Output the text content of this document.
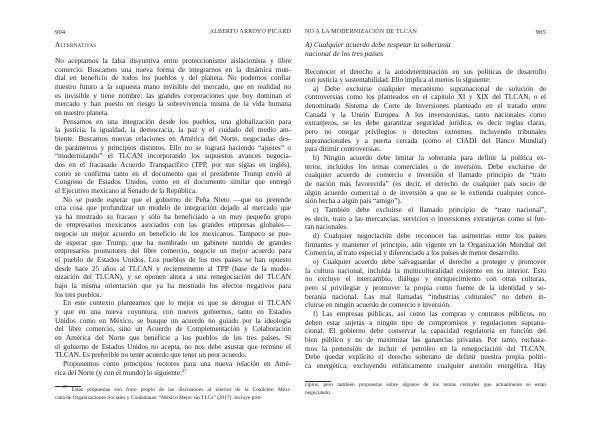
904	ALBERTO ARROYO PICARD
Alternativas
No aceptamos la falsa disyuntiva entre proteccionismo aislacionista y libre
comercio. Buscamos una nueva forma de integrarnos en la dinámica mun-
dial en beneficio de todos los pueblos y del planeta. No podemos confiar
nuestro futuro a la supuesta mano invisible del mercado, que en realidad no
es invisible y tiene nombre: las grandes corporaciones que hoy dominan el
mercado y han puesto en riesgo la sobrevivencia misma de la vida humana
en nuestro planeta.
Pensamos en una integración desde los pueblos, una globalización para
la justicia, la igualdad, la democracia, la paz y el cuidado del medio am-
biente. Buscamos nuevas relaciones en América del Norte, negociadas des-
de parámetros y principios distintos. Ello no se logrará haciendo “ajustes” o
“modernizando” el TLCAN incorporando los supuestos avances negocia-
dos en el fracasado Acuerdo Transpacífico (TPP, por sus siglas en inglés),
como se confirma tanto en el documento que el presidente Trump envió al
Congreso de Estados Unidos, como en el documento similar que entregó
el Ejecutivo mexicano al Senado de la República.
No se puede esperar que el gobierno de Peña Nieto —que no pretende
otra cosa que profundizar un modelo de integración dejado al mercado que
ya ha mostrado su fracaso y sólo ha beneficiado a un muy pequeño grupo
de empresarios mexicanos asociados con las grandes empresas globales—
negocie un mejor acuerdo en beneficio de los mexicanos. Tampoco se pue-
de esperar que Trump, que ha nombrado un gabinete nutrido de grandes
empresarios promotores del libre comercio, negocie un mejor acuerdo para
el pueblo de Estados Unidos. Los pueblos de los tres países se han opuesto
desde hace 25 años al TLCAN y recientemente al TPP (base de la moder-
nización del TLCAN), y se oponen ahora a una renegociación del TLCAN
bajo la misma orientación que ya ha mostrado los efectos negativos para
los tres pueblos.
En este contexto planteamos que lo mejor es que se derogue el TLCAN
y que en una nueva coyuntura, con nuevos gobiernos, tanto en Estados
Unidos como en México, se busque un acuerdo no guiado por la ideología
del libre comercio, sino un Acuerdo de Complementación y Colaboración
en América del Norte que beneficie a los pueblos de los tres países. Si
el gobierno de Estados Unidos no acepta, no nos debe asustar que termine el
TLCAN. Es preferible no tener acuerdo que tener un peor acuerdo.
Proponemos como principios rectores para una nueva relación en Amé-
rica del Norte (y con el mundo) lo siguiente:$^{27}$
$^{27}$ Estas propuestas son fruto propio de las discusiones al interior de la Coalición Mexi-
cana de Organizaciones Sociales y Ciudadanas: “México Mejor sin TLCs” (2017). Incluye prin-
NO A LA MODERNIZACIÓN DE TLCAN	905
A) Cualquier acuerdo debe respetar la soberanía
nacional de los tres países
Reconocer el derecho a la autodeterminación en sus políticas de desarrollo
con justicia y sustentabilidad. Ello implica al menos lo siguiente:
a) Debe excluirse cualquier mecanismo supranacional de solución de
controversias como los planteados en el capítulo XI y XIX del TLCAN, o el
denominado Sistema de Corte de Inversiones planteado en el tratado entre
Canadá y la Unión Europea. A los inversionistas, tanto nacionales como
extranjeros, se les debe garantizar seguridad jurídica, es decir reglas claras,
pero no otorgar privilegios o derechos extremos, incluyendo tribunales
supranacionales y a puerta cerrada (como el CIADI del Banco Mundial)
para dirimir controversias.
b) Ningún acuerdo debe limitar la soberanía para definir la política ex-
terior, incluidos los temas comerciales o de inversión. Debe excluirse de
cualquier acuerdo de comercio e inversión el llamado principio de “trato
de nación más favorecida” (es decir, el derecho de cualquier país socio de
algún acuerdo comercial o de inversión a que se le extienda cualquier conce-
sión hecha a algún país “amigo”).
c) También debe excluirse el llamado principio de “trato nacional”,
es decir, trato a las mercancías, servicios o inversiones extranjeras como si fue-
ran nacionales.
d) Cualquier negociación debe reconocer las asimetrías entre los países
firmantes y mantener el principio, aún vigente en la Organización Mundial del
Comercio, al trato especial y diferenciado a los países de menor desarrollo.
e) Cualquier acuerdo debe salvaguardar el derecho a proteger y promover
la cultura nacional, incluida la multiculturalidad existente en su interior. Esto
no excluye el intercambio, diálogo y enriquecimiento con otras culturas,
pero sí privilegiar y promover la propia como fuente de la identidad y so-
beranía nacional. Las mal llamadas “industrias culturales” no deben in-
cluirse en ningún acuerdo de comercio e inversión.
f) Las empresas públicas, así como las compras y contratos públicos, no
deben estar sujetas a ningún tipo de compromisos y regulaciones suprana-
cional. El gobierno debe conservar la capacidad regulatoria en función del
bien público y no de maximizar las ganancias privadas. Por tanto, rechaza-
mos la pretensión de incluir el petróleo en la renegociación del TLCAN.
Debe quedar explícito el derecho soberano de definir nuestra propia políti-
ca energética, excluyendo enfáticamente cualquier anexión energética. Hay
cipios, pero también propuestas sobre algunos de los temas centrales que actualmente se están
negociando.
